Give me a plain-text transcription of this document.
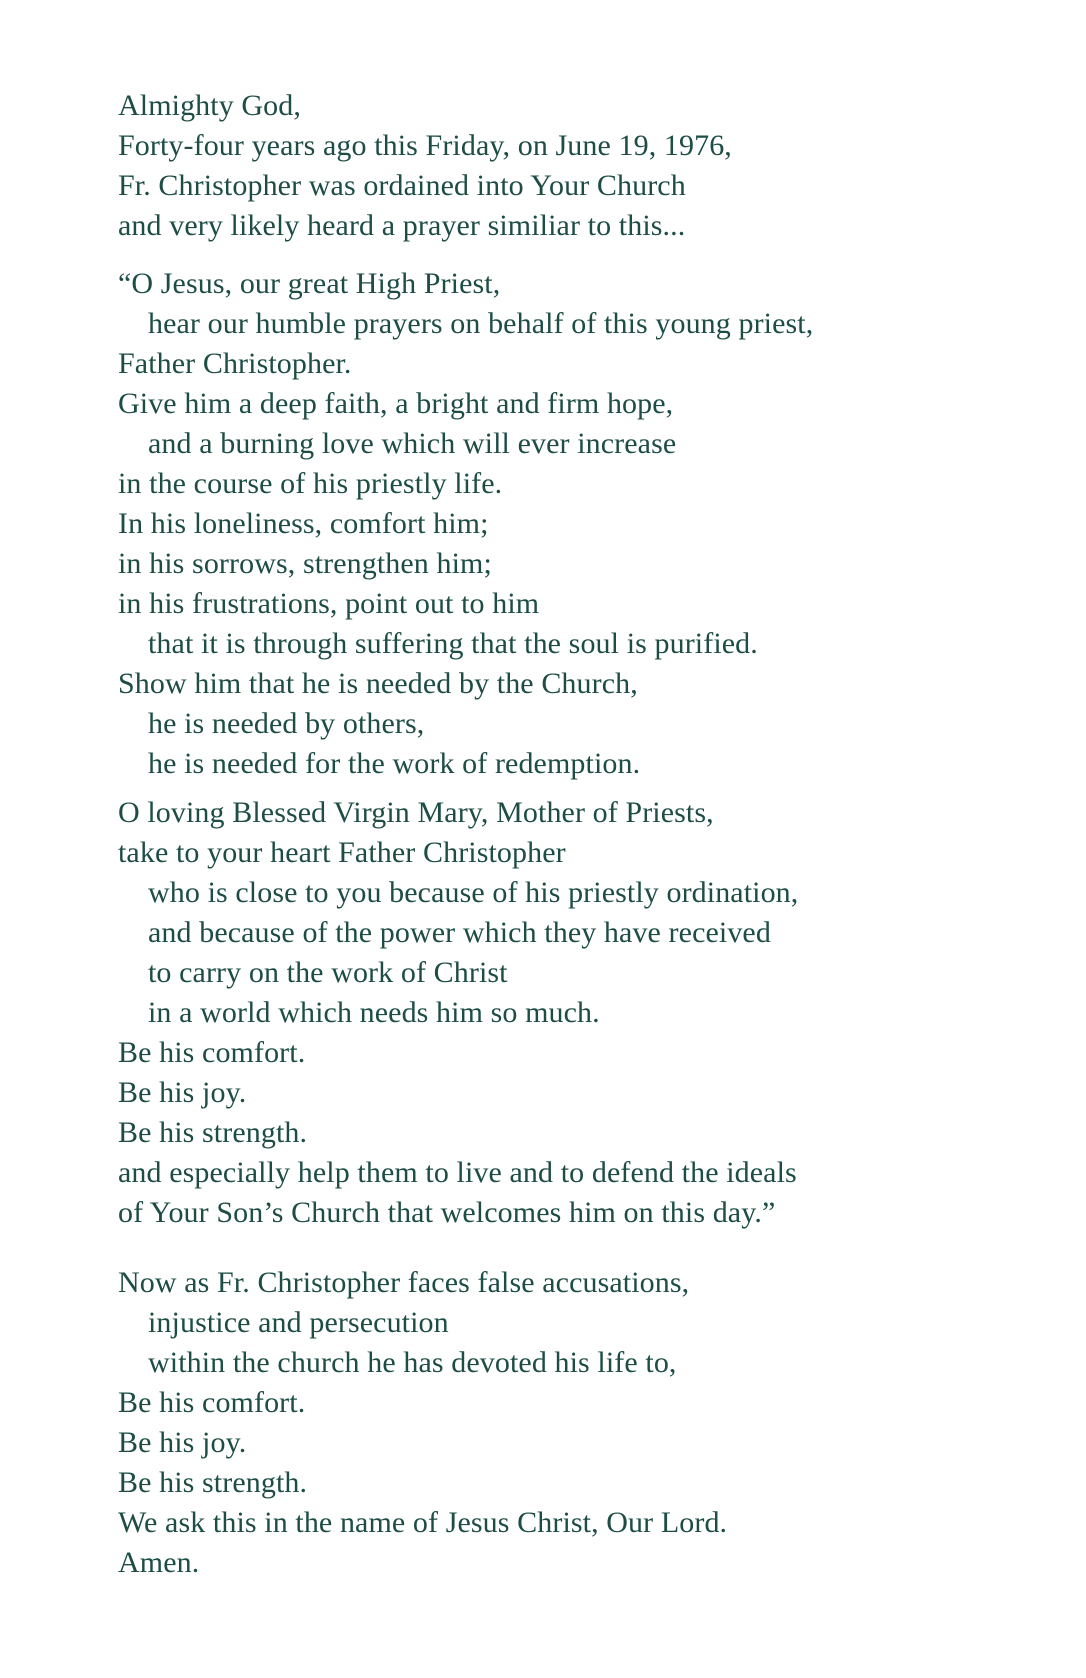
Almighty God,
Forty-four years ago this Friday, on June 19, 1976,
Fr. Christopher was ordained into Your Church
and very likely heard a prayer similiar to this...
“O Jesus, our great High Priest,
hear our humble prayers on behalf of this young priest,
Father Christopher.
Give him a deep faith, a bright and firm hope,
and a burning love which will ever increase
in the course of his priestly life.
In his loneliness, comfort him;
in his sorrows, strengthen him;
in his frustrations, point out to him
that it is through suffering that the soul is purified.
Show him that he is needed by the Church,
he is needed by others,
he is needed for the work of redemption.
O loving Blessed Virgin Mary, Mother of Priests,
take to your heart Father Christopher
who is close to you because of his priestly ordination,
and because of the power which they have received
to carry on the work of Christ
in a world which needs him so much.
Be his comfort.
Be his joy.
Be his strength.
and especially help them to live and to defend the ideals
of Your Son’s Church that welcomes him on this day.”
Now as Fr. Christopher faces false accusations,
injustice and persecution
within the church he has devoted his life to,
Be his comfort.
Be his joy.
Be his strength.
We ask this in the name of Jesus Christ, Our Lord.
Amen.
